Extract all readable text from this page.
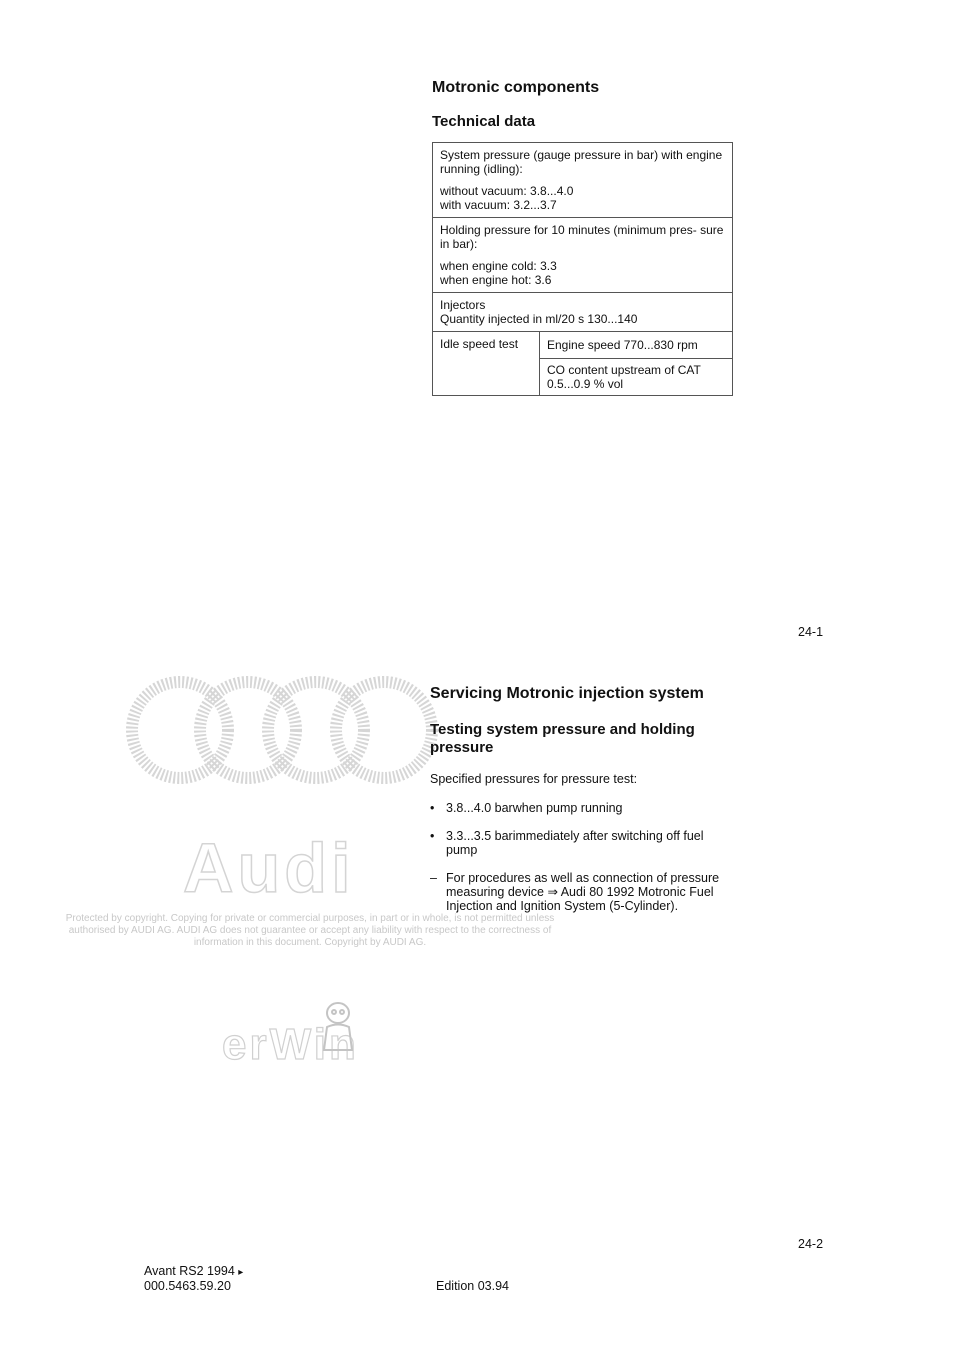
Motronic components
Technical data

System pressure (gauge pressure in bar) with engine running (idling):

without vacuum: 3.8...4.0
with vacuum: 3.2...3.7

Holding pressure for 10 minutes (minimum pres- sure in bar):

when engine cold: 3.3
when engine hot: 3.6

Injectors
Quantity injected in ml/20 s 130...140

Idle speed test	Engine speed 770...830 rpm
CO content upstream of CAT 0.5...0.9 % vol
24-1
Audi
Protected by copyright. Copying for private or commercial purposes, in part or in whole, is not permitted unless authorised by AUDI AG. AUDI AG does not guarantee or accept any liability with respect to the correctness of information in this document. Copyright by AUDI AG.
erWin
Servicing Motronic injection system
Testing system pressure and holding
pressure
Specified pressures for pressure test:
• 3.8...4.0 barwhen pump running
• 3.3...3.5 barimmediately after switching off fuel pump
– For procedures as well as connection of pressure measuring device ⇒ Audi 80 1992 Motronic Fuel Injection and Ignition System (5-Cylinder).
24-2
Avant RS2 1994 ▸
000.5463.59.20	Edition 03.94
